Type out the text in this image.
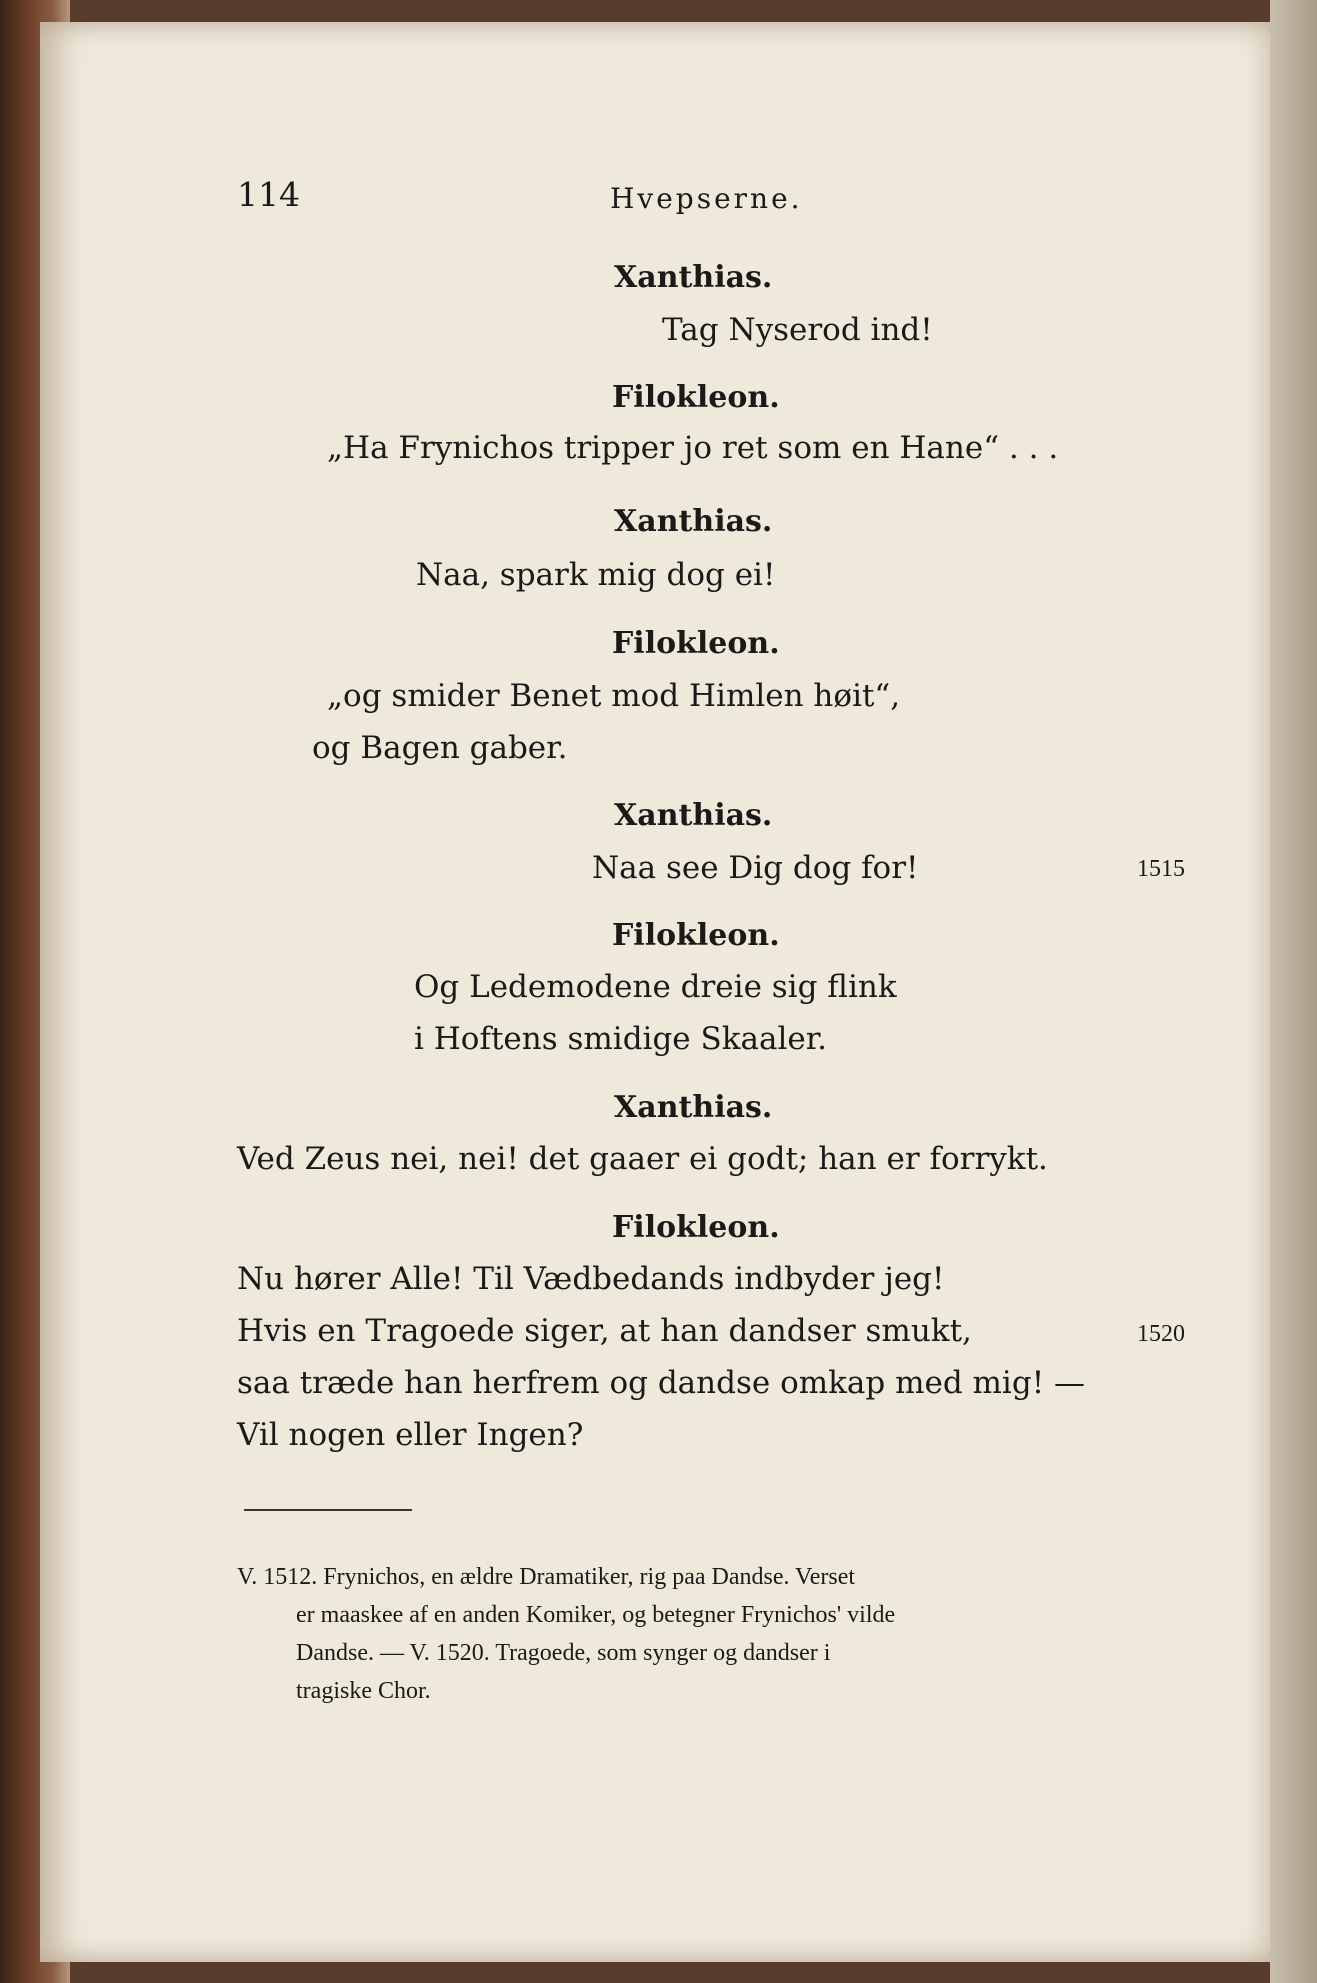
114	Hvepserne.
Xanthias.
Tag Nyserod ind!
Filokleon.
„Ha Frynichos tripper jo ret som en Hane“ . . .
Xanthias.
Naa, spark mig dog ei!
Filokleon.
„og smider Benet mod Himlen høit“,
og Bagen gaber.
Xanthias.
Naa see Dig dog for!	1515
Filokleon.
Og Ledemodene dreie sig flink
i Hoftens smidige Skaaler.
Xanthias.
Ved Zeus nei, nei! det gaaer ei godt; han er forrykt.
Filokleon.
Nu hører Alle! Til Vædbedands indbyder jeg!
Hvis en Tragoede siger, at han dandser smukt,	1520
saa træde han herfrem og dandse omkap med mig! —
Vil nogen eller Ingen?
V. 1512. Frynichos, en ældre Dramatiker, rig paa Dandse. Verset
er maaskee af en anden Komiker, og betegner Frynichos' vilde
Dandse. — V. 1520. Tragoede, som synger og dandser i
tragiske Chor.
